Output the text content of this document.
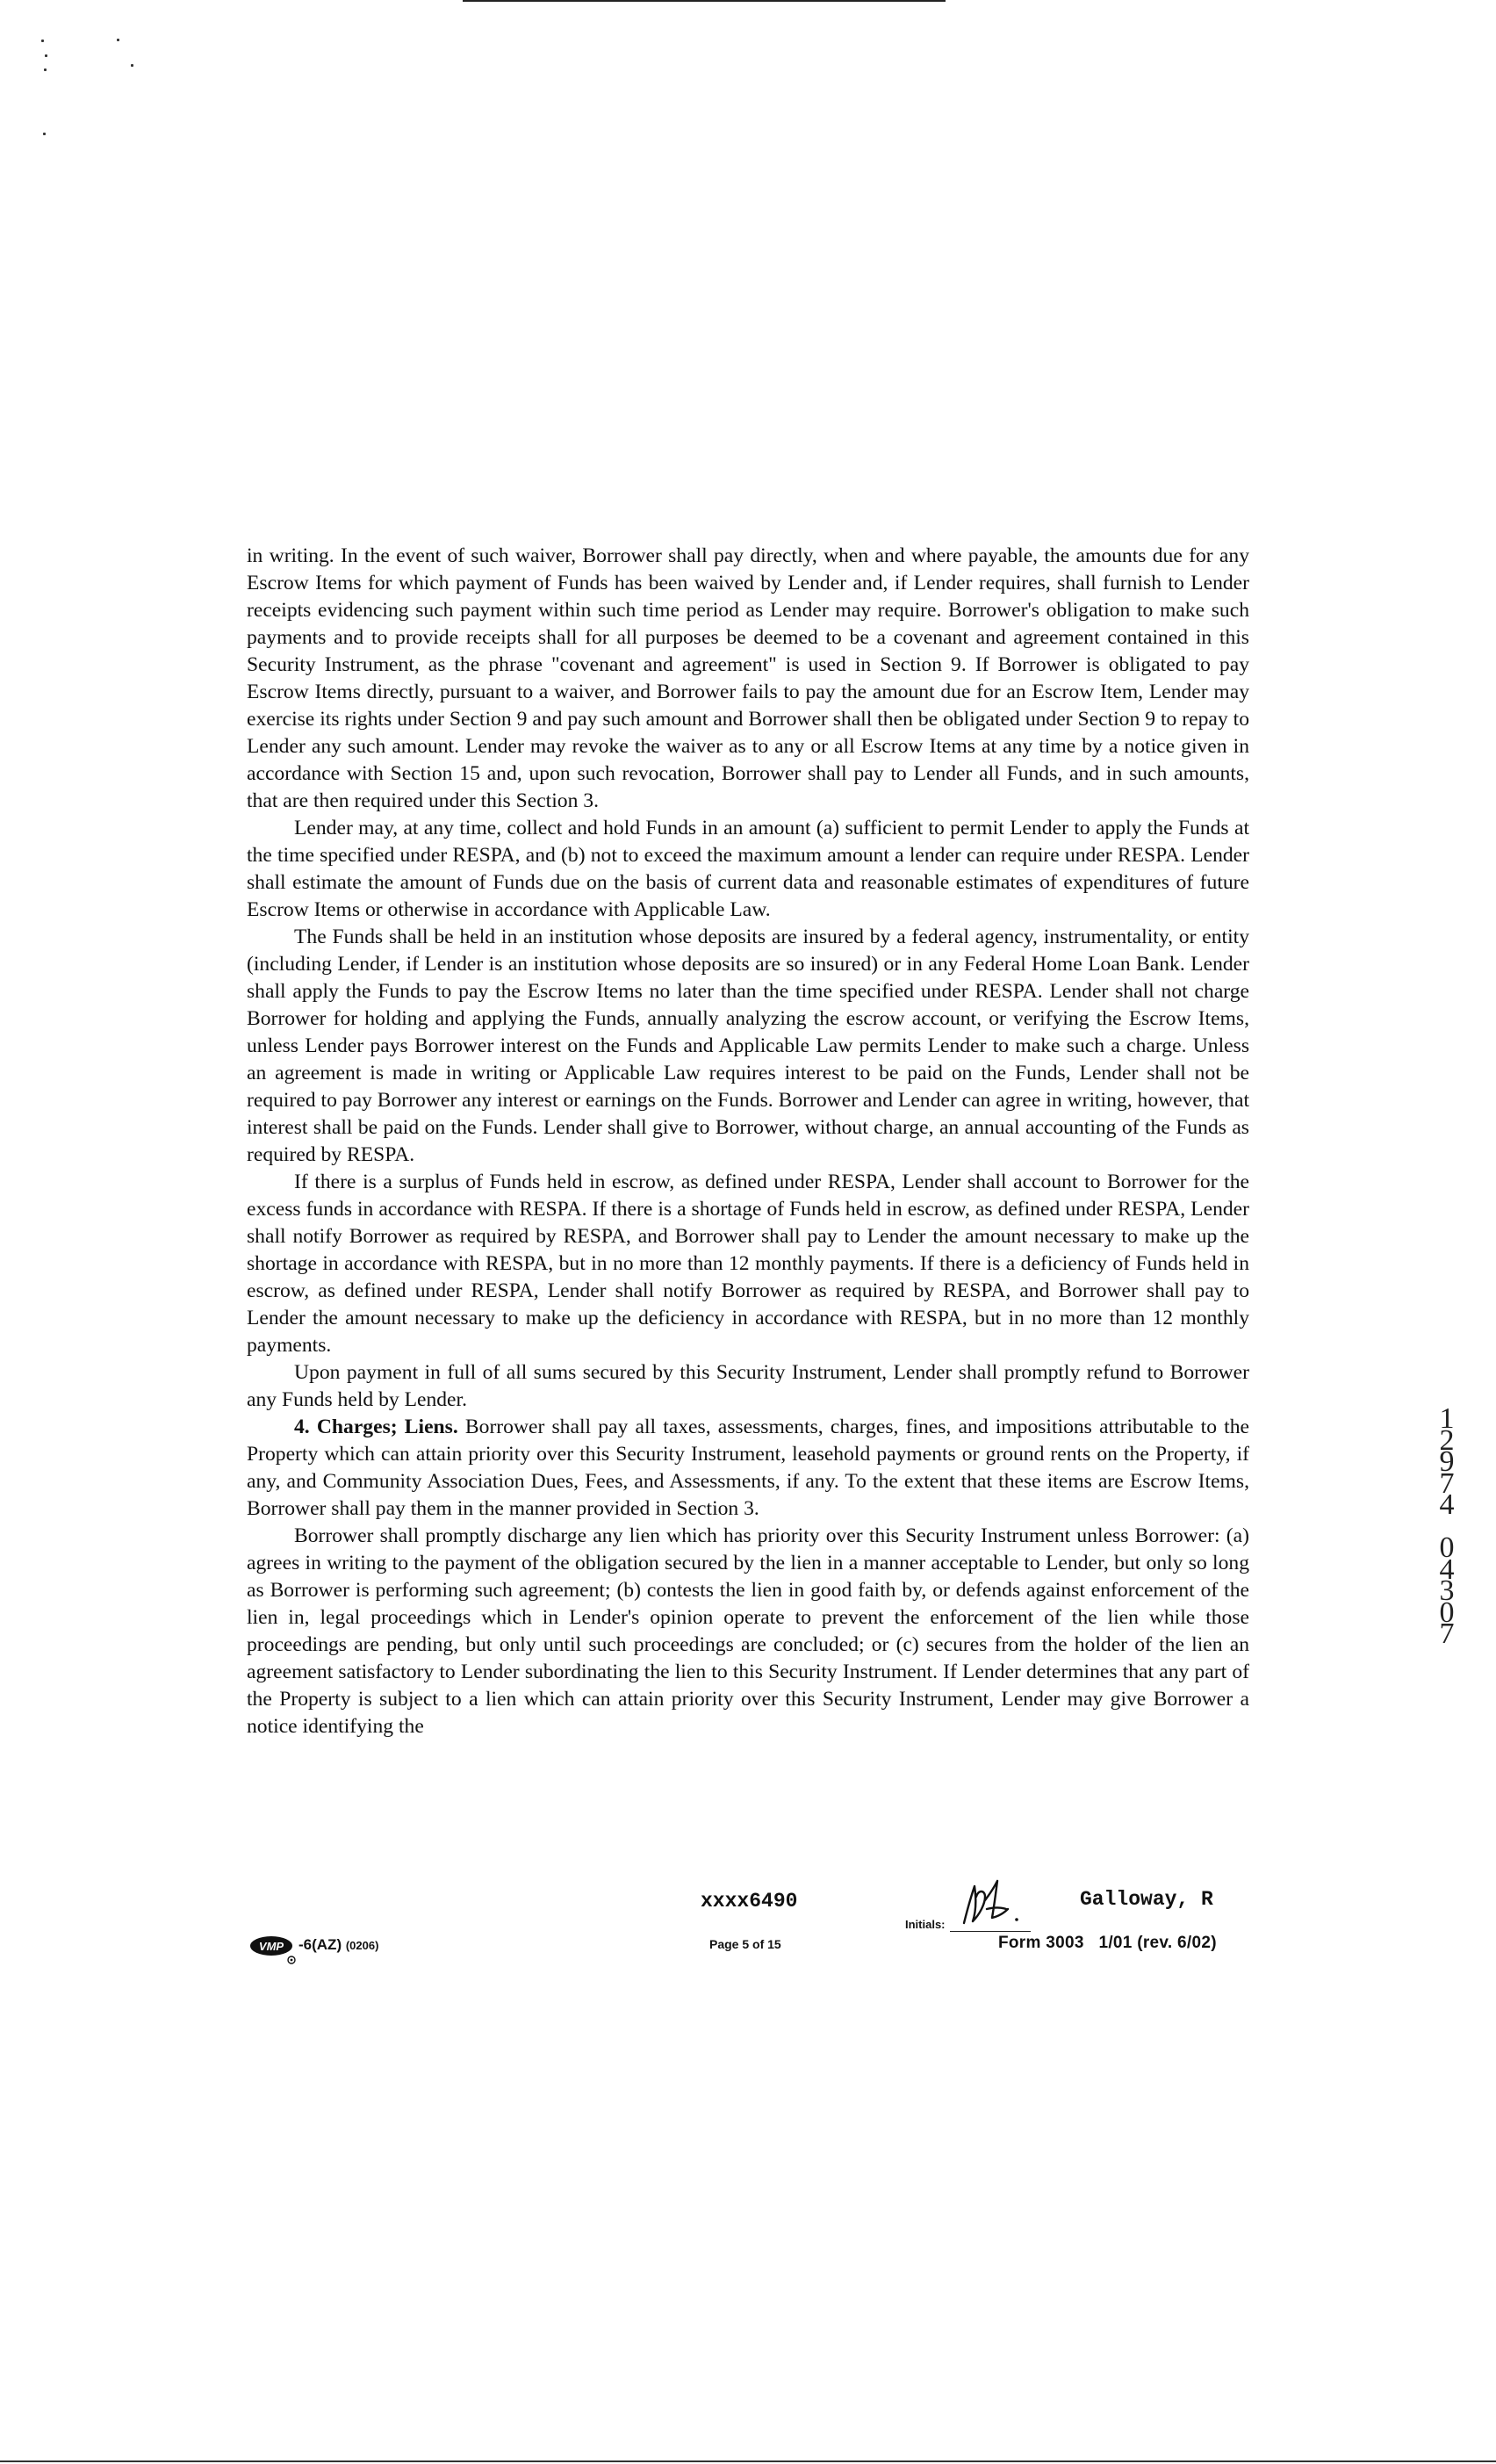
in writing. In the event of such waiver, Borrower shall pay directly, when and where payable, the amounts due for any Escrow Items for which payment of Funds has been waived by Lender and, if Lender requires, shall furnish to Lender receipts evidencing such payment within such time period as Lender may require. Borrower's obligation to make such payments and to provide receipts shall for all purposes be deemed to be a covenant and agreement contained in this Security Instrument, as the phrase "covenant and agreement" is used in Section 9. If Borrower is obligated to pay Escrow Items directly, pursuant to a waiver, and Borrower fails to pay the amount due for an Escrow Item, Lender may exercise its rights under Section 9 and pay such amount and Borrower shall then be obligated under Section 9 to repay to Lender any such amount. Lender may revoke the waiver as to any or all Escrow Items at any time by a notice given in accordance with Section 15 and, upon such revocation, Borrower shall pay to Lender all Funds, and in such amounts, that are then required under this Section 3.

Lender may, at any time, collect and hold Funds in an amount (a) sufficient to permit Lender to apply the Funds at the time specified under RESPA, and (b) not to exceed the maximum amount a lender can require under RESPA. Lender shall estimate the amount of Funds due on the basis of current data and reasonable estimates of expenditures of future Escrow Items or otherwise in accordance with Applicable Law.

The Funds shall be held in an institution whose deposits are insured by a federal agency, instrumentality, or entity (including Lender, if Lender is an institution whose deposits are so insured) or in any Federal Home Loan Bank. Lender shall apply the Funds to pay the Escrow Items no later than the time specified under RESPA. Lender shall not charge Borrower for holding and applying the Funds, annually analyzing the escrow account, or verifying the Escrow Items, unless Lender pays Borrower interest on the Funds and Applicable Law permits Lender to make such a charge. Unless an agreement is made in writing or Applicable Law requires interest to be paid on the Funds, Lender shall not be required to pay Borrower any interest or earnings on the Funds. Borrower and Lender can agree in writing, however, that interest shall be paid on the Funds. Lender shall give to Borrower, without charge, an annual accounting of the Funds as required by RESPA.

If there is a surplus of Funds held in escrow, as defined under RESPA, Lender shall account to Borrower for the excess funds in accordance with RESPA. If there is a shortage of Funds held in escrow, as defined under RESPA, Lender shall notify Borrower as required by RESPA, and Borrower shall pay to Lender the amount necessary to make up the shortage in accordance with RESPA, but in no more than 12 monthly payments. If there is a deficiency of Funds held in escrow, as defined under RESPA, Lender shall notify Borrower as required by RESPA, and Borrower shall pay to Lender the amount necessary to make up the deficiency in accordance with RESPA, but in no more than 12 monthly payments.

Upon payment in full of all sums secured by this Security Instrument, Lender shall promptly refund to Borrower any Funds held by Lender.

4. Charges; Liens. Borrower shall pay all taxes, assessments, charges, fines, and impositions attributable to the Property which can attain priority over this Security Instrument, leasehold payments or ground rents on the Property, if any, and Community Association Dues, Fees, and Assessments, if any. To the extent that these items are Escrow Items, Borrower shall pay them in the manner provided in Section 3.

Borrower shall promptly discharge any lien which has priority over this Security Instrument unless Borrower: (a) agrees in writing to the payment of the obligation secured by the lien in a manner acceptable to Lender, but only so long as Borrower is performing such agreement; (b) contests the lien in good faith by, or defends against enforcement of the lien in, legal proceedings which in Lender's opinion operate to prevent the enforcement of the lien while those proceedings are pending, but only until such proceedings are concluded; or (c) secures from the holder of the lien an agreement satisfactory to Lender subordinating the lien to this Security Instrument. If Lender determines that any part of the Property is subject to a lien which can attain priority over this Security Instrument, Lender may give Borrower a notice identifying the

1
2
9
7
4

0
4
3
0
7
xxxx6490	Galloway, R
Initials:
VMP -6(AZ) (0206)	Page 5 of 15	Form 3003   1/01 (rev. 6/02)
